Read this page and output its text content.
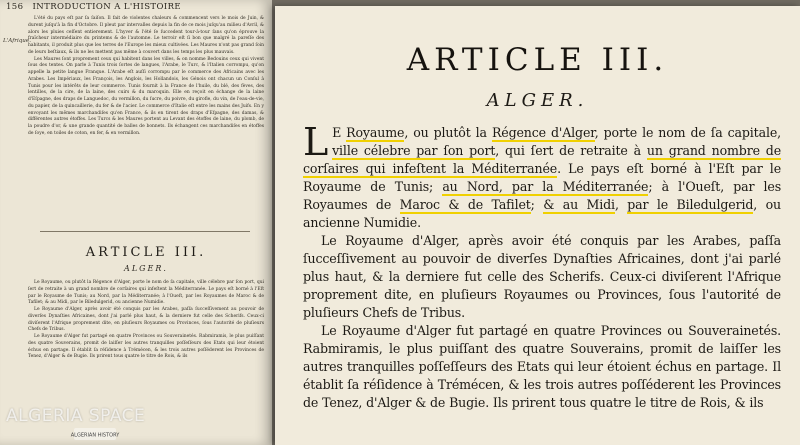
156 INTRODUCTION A L'HISTOIRE
L'Afrique.

L'été du pays eſt par ſa ſaiſon. Il fait de violentes chaleurs & commencent vers le mois de Juin, & durent juſqu'à la fin d'Octobre. Il pleut par intervalles depuis la fin de ce mois juſqu'au milieu d'Avril, & alors les pluies ceſſent entierement. L'hyver & l'été ſe ſuccedent tour-à-tour ſans qu'on éprouve la fraîcheur intermédiaire du printems & de l'automne. Le terroir eſt ſi bon que malgré la pareſſe des habitants, il produit plus que les terres de l'Europe les mieux cultivées. Les Maures n'ont pas grand ſoin de leurs beſtiaux, & ils ne les mettent pas même à couvert dans les temps les plus mauvais.

Les Maures ſont proprement ceux qui habitent dans les villes, & on nomme Bedouins ceux qui vivent ſous des tentes. On parle à Tunis trois ſortes de langues, l'Arabe, le Turc, & l'Italien corrompu, qu'on appelle la petite langue Franque. L'Arabe eſt auſſi corrompu par le commerce des Africains avec les Arabes. Les Impériaux, les François, les Anglois, les Hollandois, les Génois ont chacun un Conſul à Tunis pour les intérêts de leur commerce. Tunis fournit à la France de l'huile, du blé, des fèves, des lentilles, de la cire, de la laine, des cuirs & du maroquin. Elle en reçoit en échange de la laine d'Eſpagne, des draps de Languedoc, du vermillon, du ſucre, du poivre, du girofle, du vin, de l'eau-de-vie, du papier, de la quincaillerie, du fer & de l'acier. Le commerce d'Italie eſt entre les mains des Juifs. En y envoyant les mêmes marchandiſes qu'en France, & ils en tirent des draps d'Eſpagne, des damas, & différentes autres étoffes. Les Turcs & les Maures portent au Levant des étoffes de laine, du plomb, de la poudre d'or, & une grande quantité de balles de bonnets. Ils échangent ces marchandiſes en étoffes de ſoye, en toiles de coton, en fer, & en vermillon.

ARTICLE III.
ALGER.

Le Royaume, ou plutôt la Régence d'Alger, porte le nom de ſa capitale, ville célebre par ſon port, qui ſert de retraite à un grand nombre de corſaires qui infeſtent la Méditerranée. Le pays eſt borné à l'Eſt par le Royaume de Tunis; au Nord, par la Méditerranée; à l'Oueſt, par les Royaumes de Maroc & de Tafilet; & au Midi, par le Biledulgerid, ou ancienne Numidie.

Le Royaume d'Alger, après avoir été conquis par les Arabes, paſſa ſucceſſivement au pouvoir de diverſes Dynaſties Africaines, dont j'ai parlé plus haut, & la derniere fut celle des Scherifs. Ceux-ci diviſerent l'Afrique proprement dite, en pluſieurs Royaumes ou Provinces, ſous l'autorité de pluſieurs Chefs de Tribus.

Le Royaume d'Alger fut partagé en quatre Provinces ou Souverainetés. Rabmiramis, le plus puiſſant des quatre Souverains, promit de laiſſer les autres tranquilles poſſeſſeurs des Etats qui leur étoient échus en partage. Il établit ſa réſidence à Trémécen, & les trois autres poſſéderent les Provinces de Tenez, d'Alger & de Bugie. Ils prirent tous quatre le titre de Rois, & ils

ALGERIA SPACE
ALGERIAN HISTORY
ARTICLE III.
ALGER.

L E Royaume, ou plutôt la Régence d'Alger, porte le nom de ſa capitale, ville célebre par ſon port, qui ſert de retraite à un grand nombre de corſaires qui infeſtent la Méditerranée. Le pays eſt borné à l'Eſt par le Royaume de Tunis; au Nord, par la Méditerranée; à l'Oueſt, par les Royaumes de Maroc & de Tafilet; & au Midi, par le Biledulgerid, ou ancienne Numidie.

Le Royaume d'Alger, après avoir été conquis par les Arabes, paſſa ſucceſſivement au pouvoir de diverſes Dynaſties Africaines, dont j'ai parlé plus haut, & la derniere fut celle des Scherifs. Ceux-ci diviſerent l'Afrique proprement dite, en pluſieurs Royaumes ou Provinces, ſous l'autorité de pluſieurs Chefs de Tribus.

Le Royaume d'Alger fut partagé en quatre Provinces ou Souverainetés. Rabmiramis, le plus puiſſant des quatre Souverains, promit de laiſſer les autres tranquilles poſſeſſeurs des Etats qui leur étoient échus en partage. Il établit ſa réſidence à Trémécen, & les trois autres poſſéderent les Provinces de Tenez, d'Alger & de Bugie. Ils prirent tous quatre le titre de Rois, & ils
